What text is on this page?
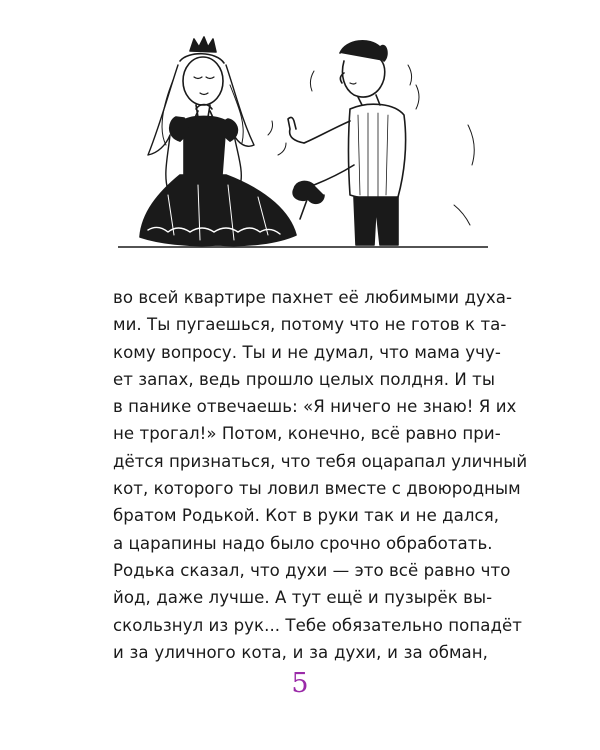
во всей квартире пахнет её любимыми духа-
ми. Ты пугаешься, потому что не готов к та-
кому вопросу. Ты и не думал, что мама учу-
ет запах, ведь прошло целых полдня. И ты
в панике отвечаешь: «Я ничего не знаю! Я их
не трогал!» Потом, конечно, всё равно при-
дётся признаться, что тебя оцарапал уличный
кот, которого ты ловил вместе с двоюродным
братом Родькой. Кот в руки так и не дался,
а царапины надо было срочно обработать.
Родька сказал, что духи — это всё равно что
йод, даже лучше. А тут ещё и пузырёк вы-
скользнул из рук... Тебе обязательно попадёт
и за уличного кота, и за духи, и за обман,
5
